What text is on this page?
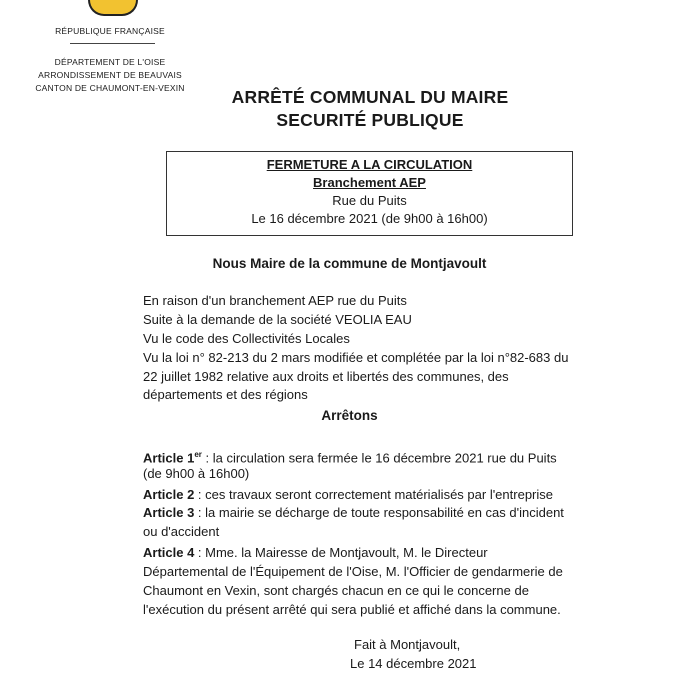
RÉPUBLIQUE FRANÇAISE
DÉPARTEMENT DE L'OISE
ARRONDISSEMENT DE BEAUVAIS
CANTON DE CHAUMONT-EN-VEXIN	ARRÊTÉ COMMUNAL DU MAIRE
SECURITÉ PUBLIQUE
FERMETURE A LA CIRCULATION
Branchement AEP
Rue du Puits
Le 16 décembre 2021 (de 9h00 à 16h00)
Nous Maire de la commune de Montjavoult
En raison d'un branchement AEP rue du Puits
Suite à la demande de la société VEOLIA EAU
Vu le code des Collectivités Locales
Vu la loi n° 82-213 du 2 mars modifiée et complétée par la loi n°82-683 du
22 juillet 1982 relative aux droits et libertés des communes, des
départements et des régions
Arrêtons
Article 1er : la circulation sera fermée le 16 décembre 2021 rue du Puits
(de 9h00 à 16h00)
Article 2 : ces travaux seront correctement matérialisés par l'entreprise
Article 3 : la mairie se décharge de toute responsabilité en cas d'incident
ou d'accident
Article 4 : Mme. la Mairesse de Montjavoult, M. le Directeur
Départemental de l'Équipement de l'Oise, M. l'Officier de gendarmerie de
Chaumont en Vexin, sont chargés chacun en ce qui le concerne de
l'exécution du présent arrêté qui sera publié et affiché dans la commune.
Fait à Montjavoult,
Le 14 décembre 2021
